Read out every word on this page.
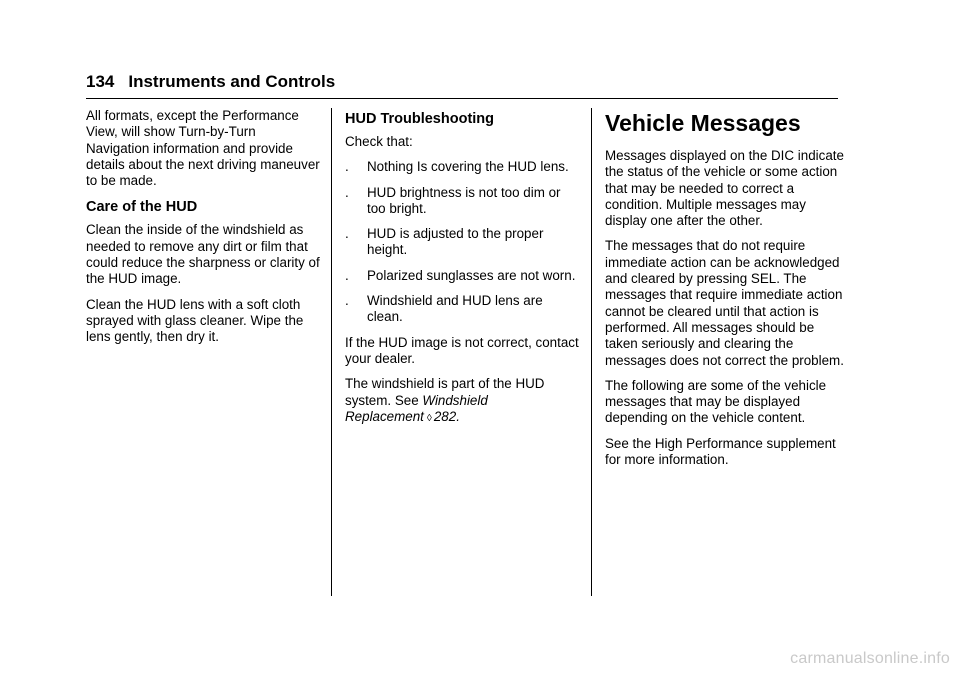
134 Instruments and Controls

All formats, except the Performance View, will show Turn-by-Turn Navigation information and provide details about the next driving maneuver to be made.

Care of the HUD

Clean the inside of the windshield as needed to remove any dirt or film that could reduce the sharpness or clarity of the HUD image.

Clean the HUD lens with a soft cloth sprayed with glass cleaner. Wipe the lens gently, then dry it.

HUD Troubleshooting

Check that:

. Nothing Is covering the HUD lens.
. HUD brightness is not too dim or too bright.
. HUD is adjusted to the proper height.
. Polarized sunglasses are not worn.
. Windshield and HUD lens are clean.

If the HUD image is not correct, contact your dealer.

The windshield is part of the HUD system. See Windshield Replacement ◊ 282.

Vehicle Messages

Messages displayed on the DIC indicate the status of the vehicle or some action that may be needed to correct a condition. Multiple messages may display one after the other.

The messages that do not require immediate action can be acknowledged and cleared by pressing SEL. The messages that require immediate action cannot be cleared until that action is performed. All messages should be taken seriously and clearing the messages does not correct the problem.

The following are some of the vehicle messages that may be displayed depending on the vehicle content.

See the High Performance supplement for more information.

carmanualsonline.info
